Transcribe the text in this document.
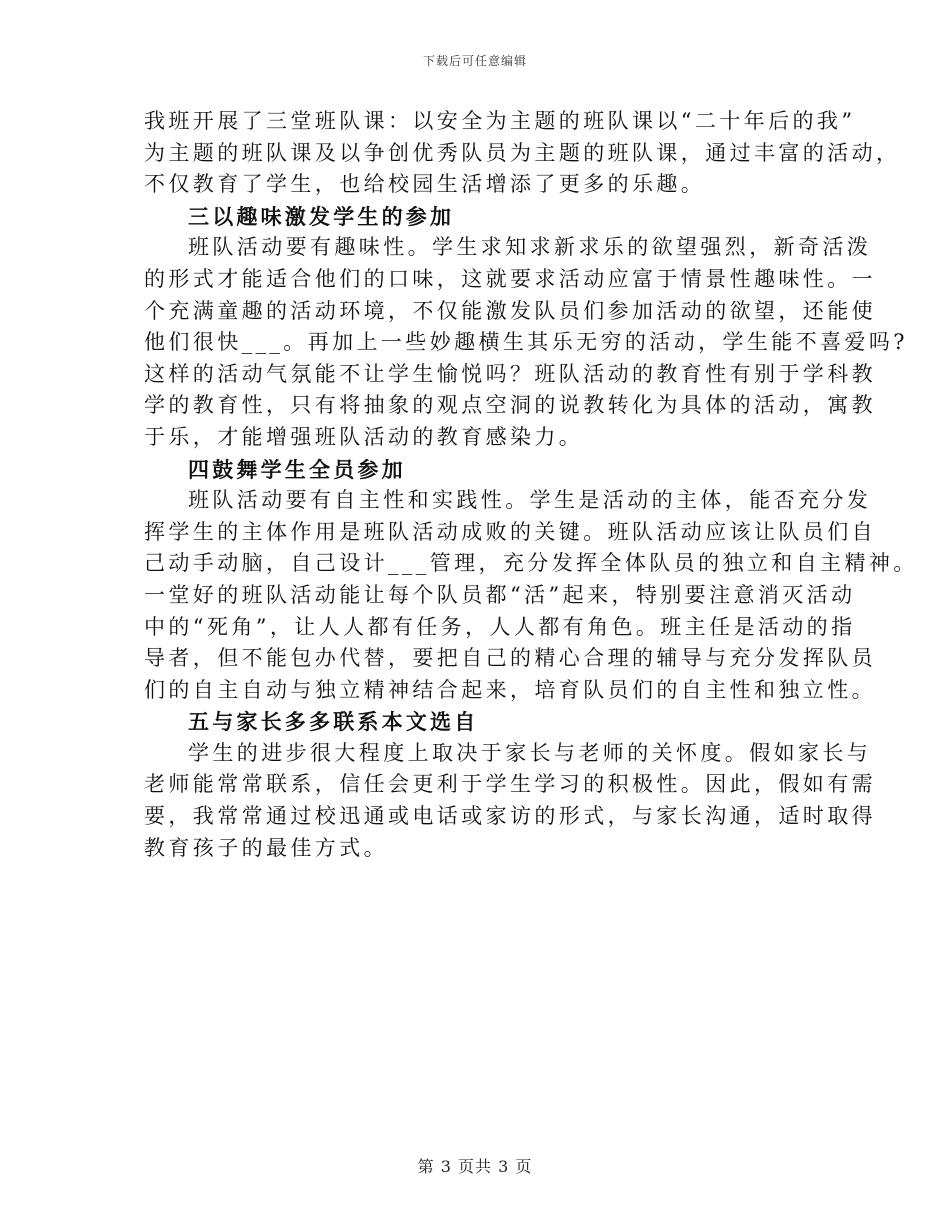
下载后可任意编辑
我班开展了三堂班队课：以安全为主题的班队课以“二十年后的我”
为主题的班队课及以争创优秀队员为主题的班队课，通过丰富的活动，
不仅教育了学生，也给校园生活增添了更多的乐趣。
三以趣味激发学生的参加
班队活动要有趣味性。学生求知求新求乐的欲望强烈，新奇活泼
的形式才能适合他们的口味，这就要求活动应富于情景性趣味性。一
个充满童趣的活动环境，不仅能激发队员们参加活动的欲望，还能使
他们很快___。再加上一些妙趣横生其乐无穷的活动，学生能不喜爱吗?
这样的活动气氛能不让学生愉悦吗？班队活动的教育性有别于学科教
学的教育性，只有将抽象的观点空洞的说教转化为具体的活动，寓教
于乐，才能增强班队活动的教育感染力。
四鼓舞学生全员参加
班队活动要有自主性和实践性。学生是活动的主体，能否充分发
挥学生的主体作用是班队活动成败的关键。班队活动应该让队员们自
己动手动脑，自己设计___管理，充分发挥全体队员的独立和自主精神。
一堂好的班队活动能让每个队员都“活”起来，特别要注意消灭活动
中的“死角”，让人人都有任务，人人都有角色。班主任是活动的指
导者，但不能包办代替，要把自己的精心合理的辅导与充分发挥队员
们的自主自动与独立精神结合起来，培育队员们的自主性和独立性。
五与家长多多联系本文选自
学生的进步很大程度上取决于家长与老师的关怀度。假如家长与
老师能常常联系，信任会更利于学生学习的积极性。因此，假如有需
要，我常常通过校迅通或电话或家访的形式，与家长沟通，适时取得
教育孩子的最佳方式。
第 3 页共 3 页
